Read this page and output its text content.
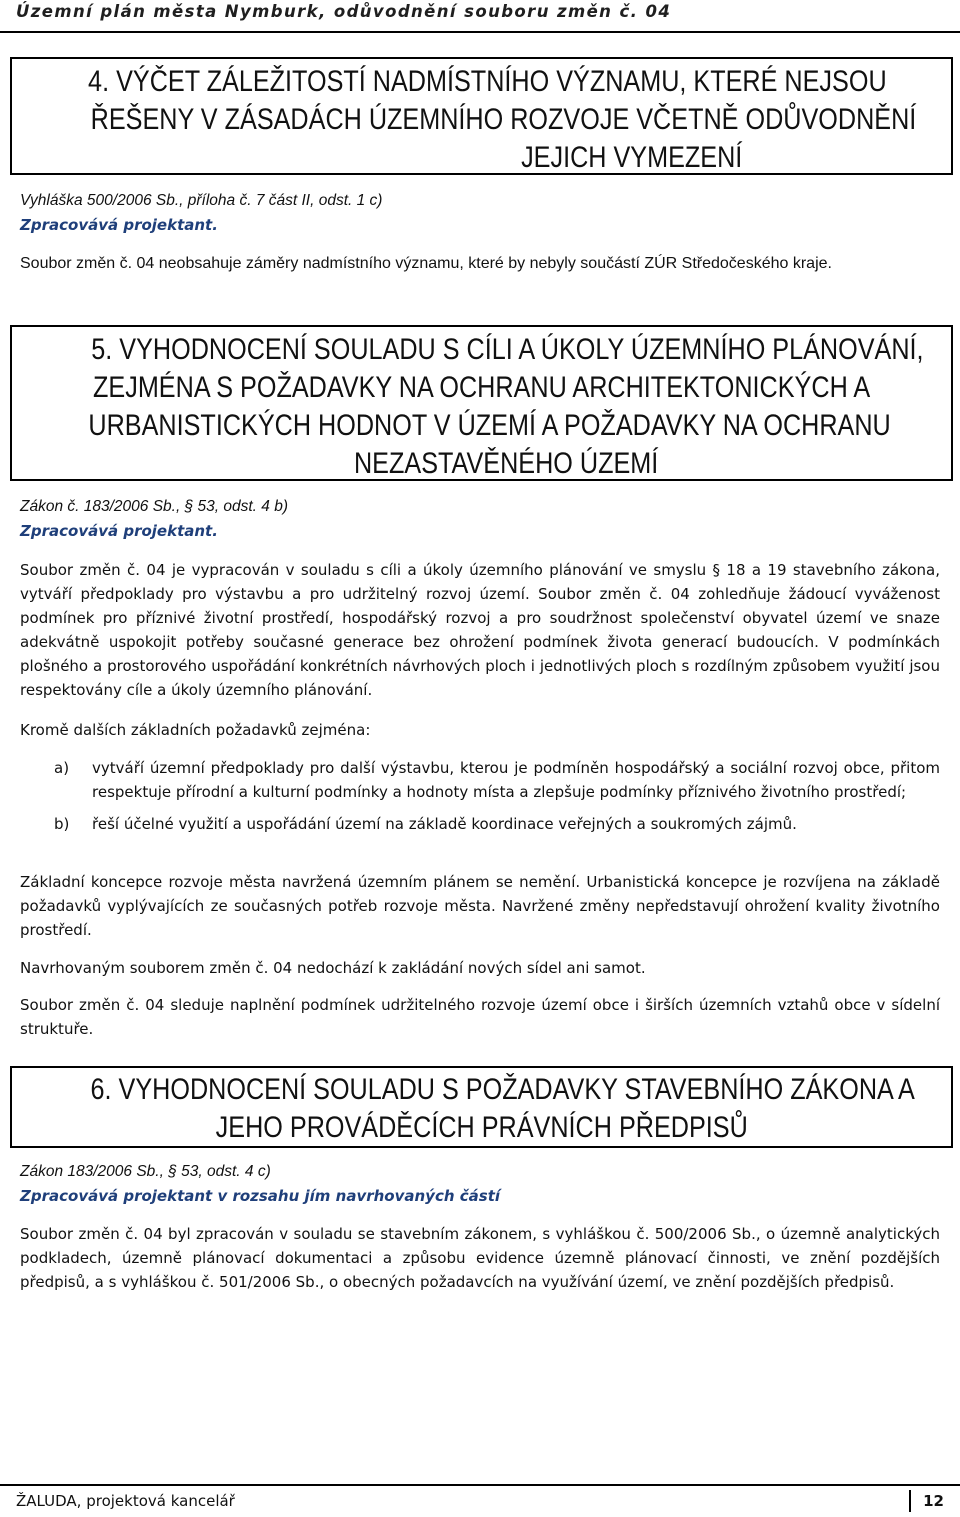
Územní plán města Nymburk, odůvodnění souboru změn č. 04

4. VÝČET ZÁLEŽITOSTÍ NADMÍSTNÍHO VÝZNAMU, KTERÉ NEJSOU

ŘEŠENY V ZÁSADÁCH ÚZEMNÍHO ROZVOJE VČETNĚ ODŮVODNĚNÍ

JEJICH VYMEZENÍ

Vyhláška 500/2006 Sb., příloha č. 7 část II, odst. 1 c)
Zpracovává projektant.
Soubor změn č. 04 neobsahuje záměry nadmístního významu, které by nebyly součástí ZÚR Středočeského kraje.

5. VYHODNOCENÍ SOULADU S CÍLI A ÚKOLY ÚZEMNÍHO PLÁNOVÁNÍ,

ZEJMÉNA S POŽADAVKY NA OCHRANU ARCHITEKTONICKÝCH A

URBANISTICKÝCH HODNOT V ÚZEMÍ A POŽADAVKY NA OCHRANU

NEZASTAVĚNÉHO ÚZEMÍ

Zákon č. 183/2006 Sb., § 53, odst. 4 b)
Zpracovává projektant.
Soubor změn č. 04 je vypracován v souladu s cíli a úkoly územního plánování ve smyslu § 18 a 19 stavebního zákona, vytváří předpoklady pro výstavbu a pro udržitelný rozvoj území. Soubor změn č. 04 zohledňuje žádoucí vyváženost podmínek pro příznivé životní prostředí, hospodářský rozvoj a pro soudržnost společenství obyvatel území ve snaze adekvátně uspokojit potřeby současné generace bez ohrožení podmínek života generací budoucích. V podmínkách plošného a prostorového uspořádání konkrétních návrhových ploch i jednotlivých ploch s rozdílným způsobem využití jsou respektovány cíle a úkoly územního plánování.
Kromě dalších základních požadavků zejména:
a)	vytváří územní předpoklady pro další výstavbu, kterou je podmíněn hospodářský a sociální rozvoj obce, přitom respektuje přírodní a kulturní podmínky a hodnoty místa a zlepšuje podmínky příznivého životního prostředí;
b)	řeší účelné využití a uspořádání území na základě koordinace veřejných a soukromých zájmů.
Základní koncepce rozvoje města navržená územním plánem se nemění. Urbanistická koncepce je rozvíjena na základě požadavků vyplývajících ze současných potřeb rozvoje města. Navržené změny nepředstavují ohrožení kvality životního prostředí.
Navrhovaným souborem změn č. 04 nedochází k zakládání nových sídel ani samot.
Soubor změn č. 04 sleduje naplnění podmínek udržitelného rozvoje území obce i širších územních vztahů obce v sídelní struktuře.

6. VYHODNOCENÍ SOULADU S POŽADAVKY STAVEBNÍHO ZÁKONA A

JEHO PROVÁDĚCÍCH PRÁVNÍCH PŘEDPISŮ

Zákon 183/2006 Sb., § 53, odst. 4 c)
Zpracovává projektant v rozsahu jím navrhovaných částí
Soubor změn č. 04 byl zpracován v souladu se stavebním zákonem, s vyhláškou č. 500/2006 Sb., o územně analytických podkladech, územně plánovací dokumentaci a způsobu evidence územně plánovací činnosti, ve znění pozdějších předpisů, a s vyhláškou č. 501/2006 Sb., o obecných požadavcích na využívání území, ve znění pozdějších předpisů.
ŽALUDA, projektová kancelář	12
